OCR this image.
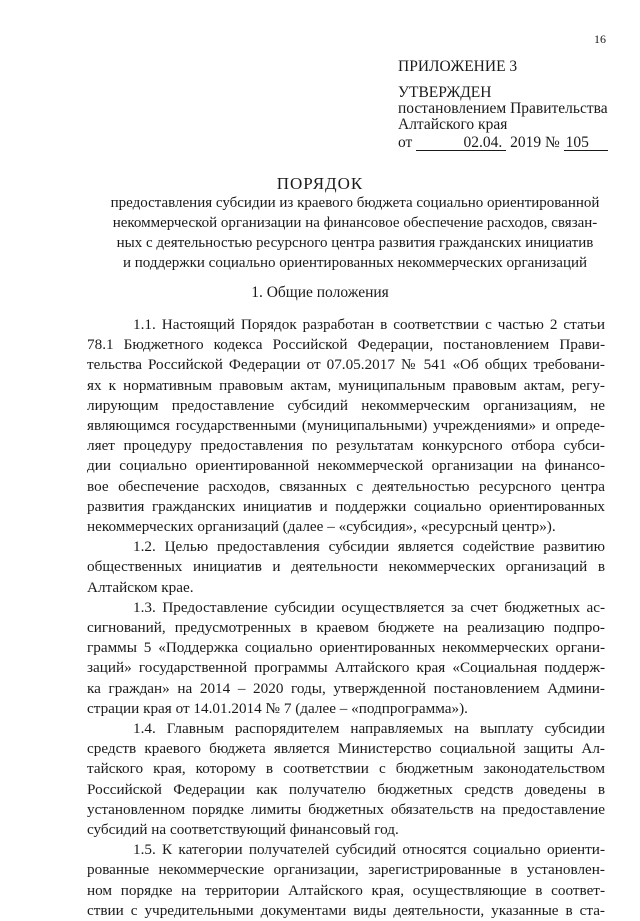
16
ПРИЛОЖЕНИЕ 3
УТВЕРЖДЕН
постановлением Правительства
Алтайского края
от	02.04. 2019 № 105
ПОРЯДОК
предоставления субсидии из краевого бюджета социально ориентированной
некоммерческой организации на финансовое обеспечение расходов, связан-
ных с деятельностью ресурсного центра развития гражданских инициатив
и поддержки социально ориентированных некоммерческих организаций
1. Общие положения
1.1. Настоящий Порядок разработан в соответствии с частью 2 статьи
78.1 Бюджетного кодекса Российской Федерации, постановлением Прави-
тельства Российской Федерации от 07.05.2017 № 541 «Об общих требовани-
ях к нормативным правовым актам, муниципальным правовым актам, регу-
лирующим предоставление субсидий некоммерческим организациям, не
являющимся государственными (муниципальными) учреждениями» и опреде-
ляет процедуру предоставления по результатам конкурсного отбора субси-
дии социально ориентированной некоммерческой организации на финансо-
вое обеспечение расходов, связанных с деятельностью ресурсного центра
развития гражданских инициатив и поддержки социально ориентированных
некоммерческих организаций (далее – «субсидия», «ресурсный центр»).
1.2. Целью предоставления субсидии является содействие развитию
общественных инициатив и деятельности некоммерческих организаций в
Алтайском крае.
1.3. Предоставление субсидии осуществляется за счет бюджетных ас-
сигнований, предусмотренных в краевом бюджете на реализацию подпро-
граммы 5 «Поддержка социально ориентированных некоммерческих органи-
заций» государственной программы Алтайского края «Социальная поддерж-
ка граждан» на 2014 – 2020 годы, утвержденной постановлением Админи-
страции края от 14.01.2014 № 7 (далее – «подпрограмма»).
1.4. Главным распорядителем направляемых на выплату субсидии
средств краевого бюджета является Министерство социальной защиты Ал-
тайского края, которому в соответствии с бюджетным законодательством
Российской Федерации как получателю бюджетных средств доведены в
установленном порядке лимиты бюджетных обязательств на предоставление
субсидий на соответствующий финансовый год.
1.5. К категории получателей субсидий относятся социально ориенти-
рованные некоммерческие организации, зарегистрированные в установлен-
ном порядке на территории Алтайского края, осуществляющие в соответ-
ствии с учредительными документами виды деятельности, указанные в ста-
